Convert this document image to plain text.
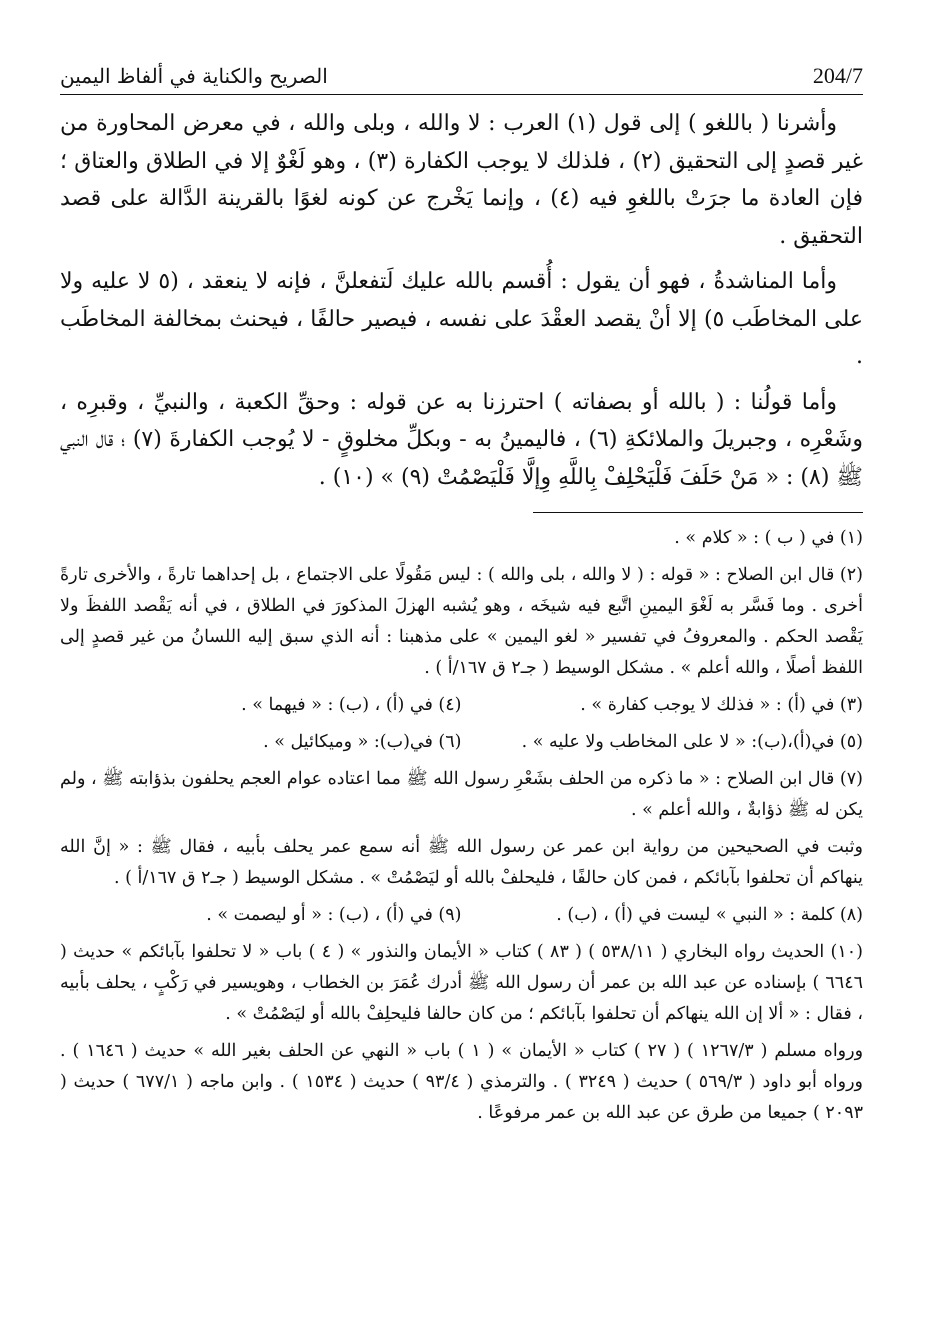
204/7
الصريح والكناية في ألفاظ اليمين

وأشرنا ( باللغو ) إلى قول (١) العرب : لا والله ، وبلى والله ، في معرض المحاورة من غير قصدٍ إلى التحقيق (٢) ، فلذلك لا يوجب الكفارة (٣) ، وهو لَغْوٌ إلا في الطلاق والعتاق ؛ فإن العادة ما جرَتْ باللغوِ فيه (٤) ، وإنما يَخْرج عن كونه لغوًا بالقرينة الدَّالة على قصد التحقيق .

وأما المناشدةُ ، فهو أن يقول : أُقسم بالله عليك لَتفعلنَّ ، فإنه لا ينعقد ، (٥ لا عليه ولا على المخاطَب ٥) إلا أنْ يقصد العقْدَ على نفسه ، فيصير حالفًا ، فيحنث بمخالفة المخاطَب .

وأما قولُنا : ( بالله أو بصفاته ) احترزنا به عن قوله : وحقِّ الكعبة ، والنبيِّ ، وقبرِه ، وشَعْرِه ، وجبريلَ والملائكةِ (٦) ، فاليمينُ به - وبكلِّ مخلوقٍ - لا يُوجب الكفارةَ (٧) ؛ قال النبي ﷺ (٨) : « مَنْ حَلَفَ فَلْيَحْلِفْ بِاللَّهِ وِإلَّا فَلْيَصْمُتْ (٩) » (١٠) .

(١) في ( ب ) : « كلام » .
(٢) قال ابن الصلاح : « قوله : ( لا والله ، بلى والله ) : ليس مَقُولًا على الاجتماع ، بل إحداهما تارةً ، والأخرى تارةً أخرى . وما فَسَّر به لَغْوَ اليمينِ اتَّبع فيه شيخَه ، وهو يُشبه الهزلَ المذكورَ في الطلاق ، في أنه يَقْصد اللفظَ ولا يَقْصد الحكم . والمعروفُ في تفسير « لغو اليمين » على مذهبنا : أنه الذي سبق إليه اللسانُ من غير قصدٍ إلى اللفظ أصلًا ، والله أعلم » . مشكل الوسيط ( جـ٢ ق ١٦٧/أ ) .
(٣) في (أ) : « فذلك لا يوجب كفارة » .
(٤) في (أ) ، (ب) : « فيهما » .
(٥) في(أ)،(ب): « لا على المخاطب ولا عليه » .
(٦) في(ب): « وميكائيل » .
(٧) قال ابن الصلاح : « ما ذكره من الحلف بشَعْرِ رسول الله ﷺ مما اعتاده عوام العجم يحلفون بذؤابته ﷺ ، ولم يكن له ﷺ ذؤابةٌ ، والله أعلم » .
وثبت في الصحيحين من رواية ابن عمر عن رسول الله ﷺ أنه سمع عمر يحلف بأبيه ، فقال ﷺ : « إنَّ الله ينهاكم أن تحلفوا بآبائكم ، فمن كان حالفًا ، فليحلفْ بالله أو ليَصْمُتْ » . مشكل الوسيط ( جـ٢ ق ١٦٧/أ ) .
(٨) كلمة : « النبي » ليست في (أ) ، (ب) .
(٩) في (أ) ، (ب) : « أو ليصمت » .
(١٠) الحديث رواه البخاري ( ٥٣٨/١١ ) ( ٨٣ ) كتاب « الأيمان والنذور » ( ٤ ) باب « لا تحلفوا بآبائكم » حديث ( ٦٦٤٦ ) بإسناده عن عبد الله بن عمر أن رسول الله ﷺ أدرك عُمَرَ بن الخطاب ، وهويسير في رَكْبٍ ، يحلف بأبيه ، فقال : « ألا إن الله ينهاكم أن تحلفوا بآبائكم ؛ من كان حالفا فليحلِفْ بالله أو ليَصْمُتْ » .
ورواه مسلم ( ١٢٦٧/٣ ) ( ٢٧ ) كتاب « الأيمان » ( ١ ) باب « النهي عن الحلف بغير الله » حديث ( ١٦٤٦ ) . ورواه أبو داود ( ٥٦٩/٣ ) حديث ( ٣٢٤٩ ) . والترمذي ( ٩٣/٤ ) حديث ( ١٥٣٤ ) . وابن ماجه ( ٦٧٧/١ ) حديث ( ٢٠٩٣ ) جميعا من طرق عن عبد الله بن عمر مرفوعًا .
